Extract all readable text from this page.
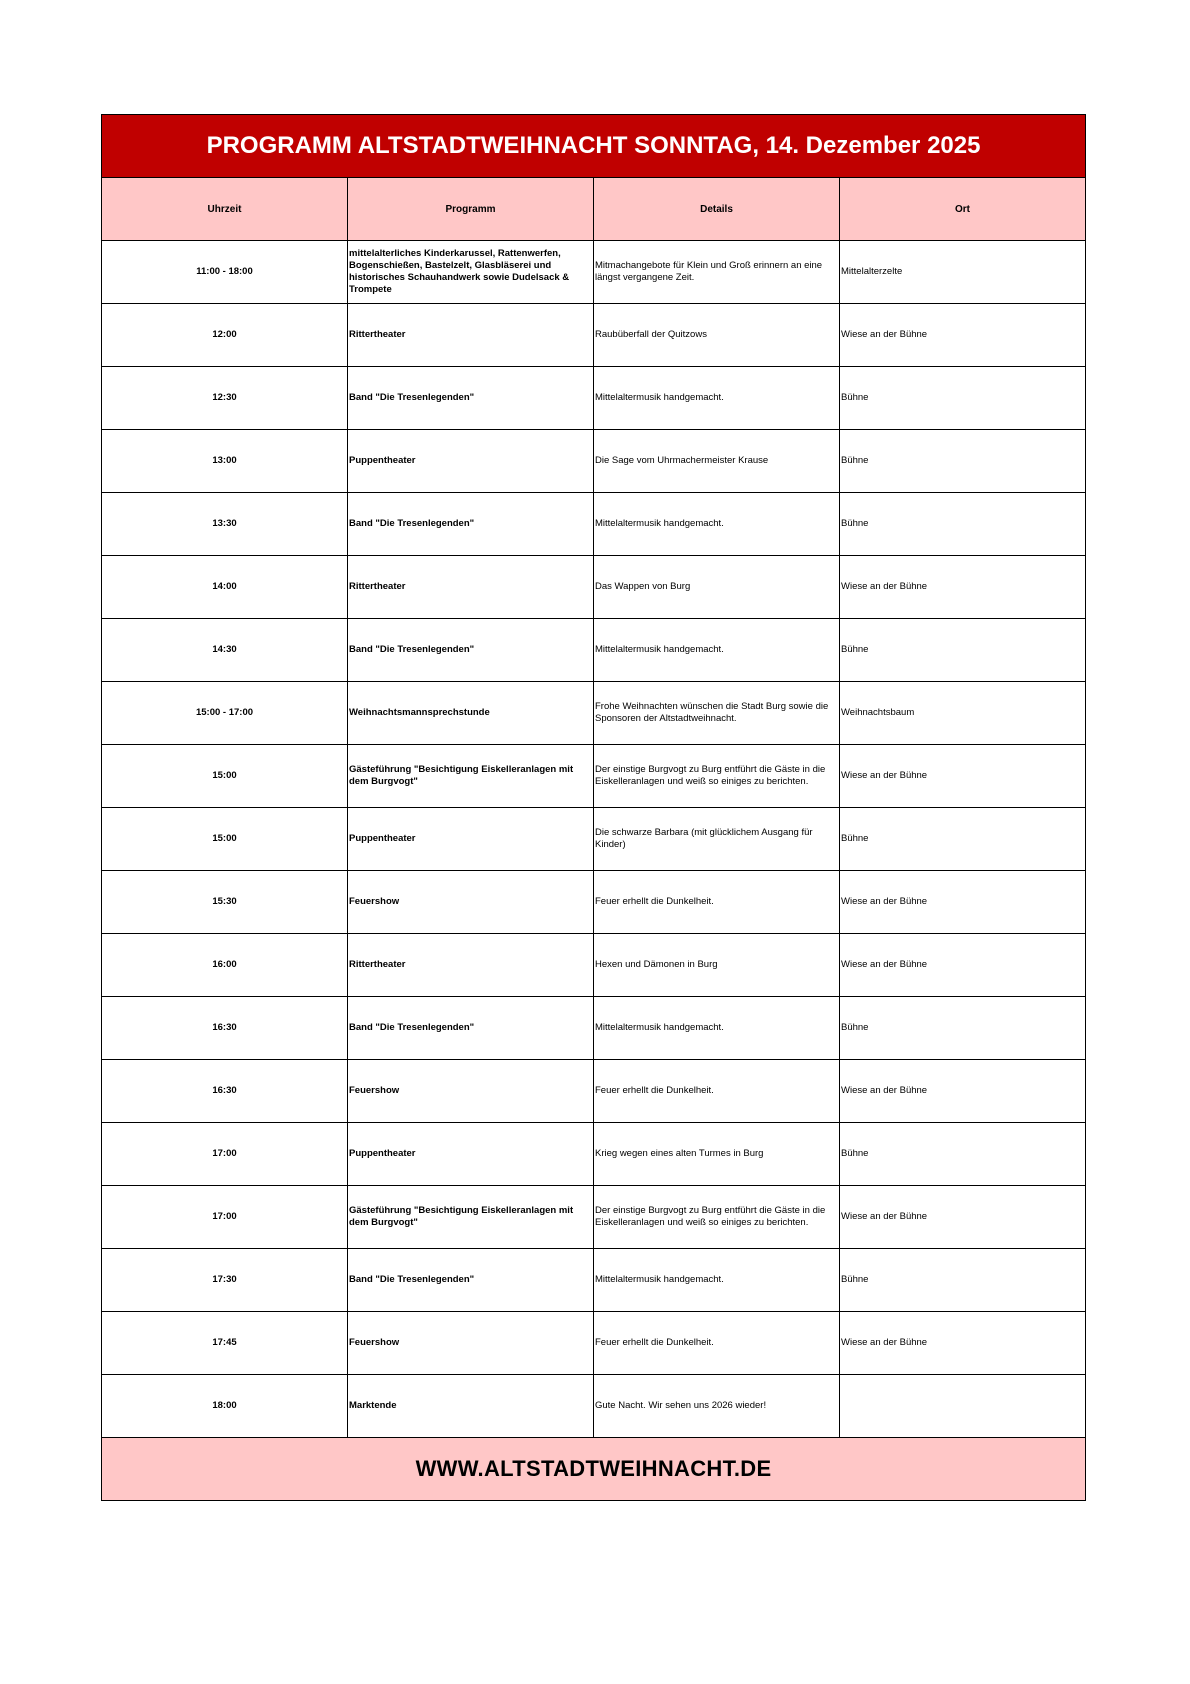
PROGRAMM ALTSTADTWEIHNACHT SONNTAG, 14. Dezember 2025			
Uhrzeit	Programm	Details	Ort
11:00 - 18:00	mittelalterliches Kinderkarussel, Rattenwerfen, Bogenschießen, Bastelzelt, Glasbläserei und historisches Schauhandwerk sowie Dudelsack & Trompete	Mitmachangebote für Klein und Groß erinnern an eine längst vergangene Zeit.	Mittelalterzelte
12:00	Rittertheater	Raubüberfall der Quitzows	Wiese an der Bühne
12:30	Band "Die Tresenlegenden"	Mittelaltermusik handgemacht.	Bühne
13:00	Puppentheater	Die Sage vom Uhrmachermeister Krause	Bühne
13:30	Band "Die Tresenlegenden"	Mittelaltermusik handgemacht.	Bühne
14:00	Rittertheater	Das Wappen von Burg	Wiese an der Bühne
14:30	Band "Die Tresenlegenden"	Mittelaltermusik handgemacht.	Bühne
15:00 - 17:00	Weihnachtsmannsprechstunde	Frohe Weihnachten wünschen die Stadt Burg sowie die Sponsoren der Altstadtweihnacht.	Weihnachtsbaum
15:00	Gästeführung "Besichtigung Eiskelleranlagen mit dem Burgvogt"	Der einstige Burgvogt zu Burg entführt die Gäste in die Eiskelleranlagen und weiß so einiges zu berichten.	Wiese an der Bühne
15:00	Puppentheater	Die schwarze Barbara (mit glücklichem Ausgang für Kinder)	Bühne
15:30	Feuershow	Feuer erhellt die Dunkelheit.	Wiese an der Bühne
16:00	Rittertheater	Hexen und Dämonen in Burg	Wiese an der Bühne
16:30	Band "Die Tresenlegenden"	Mittelaltermusik handgemacht.	Bühne
16:30	Feuershow	Feuer erhellt die Dunkelheit.	Wiese an der Bühne
17:00	Puppentheater	Krieg wegen eines alten Turmes in Burg	Bühne
17:00	Gästeführung "Besichtigung Eiskelleranlagen mit dem Burgvogt"	Der einstige Burgvogt zu Burg entführt die Gäste in die Eiskelleranlagen und weiß so einiges zu berichten.	Wiese an der Bühne
17:30	Band "Die Tresenlegenden"	Mittelaltermusik handgemacht.	Bühne
17:45	Feuershow	Feuer erhellt die Dunkelheit.	Wiese an der Bühne
18:00	Marktende	Gute Nacht. Wir sehen uns 2026 wieder!	
WWW.ALTSTADTWEIHNACHT.DE			
